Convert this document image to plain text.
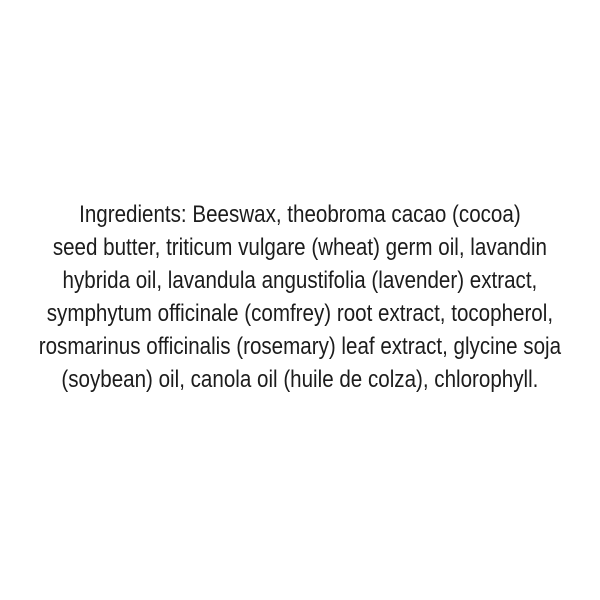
Ingredients: Beeswax, theobroma cacao (cocoa)
seed butter, triticum vulgare (wheat) germ oil, lavandin
hybrida oil, lavandula angustifolia (lavender) extract,
symphytum officinale (comfrey) root extract, tocopherol,
rosmarinus officinalis (rosemary) leaf extract, glycine soja
(soybean) oil, canola oil (huile de colza), chlorophyll.
